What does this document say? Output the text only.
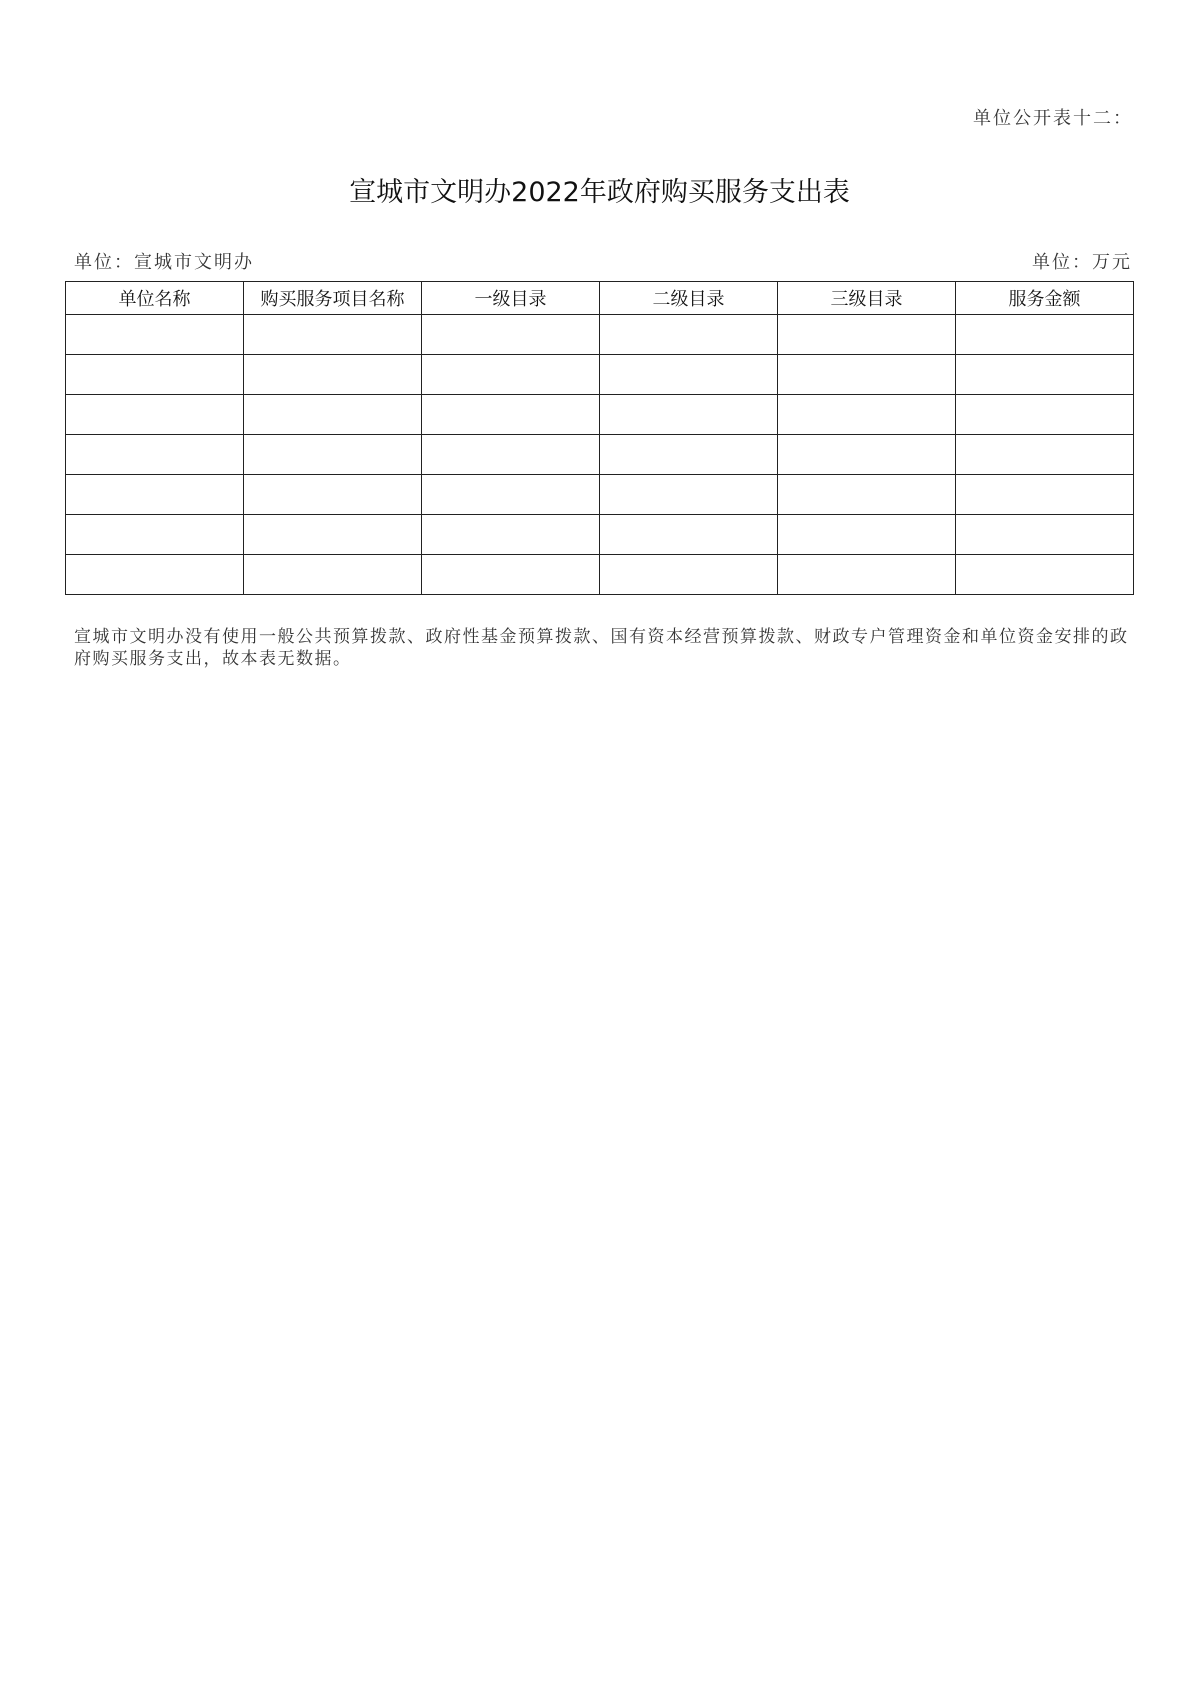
单位公开表十二：
宣城市文明办2022年政府购买服务支出表
单位：宣城市文明办	单位：万元
单位名称	购买服务项目名称	一级目录	二级目录	三级目录	服务金额

宣城市文明办没有使用一般公共预算拨款、政府性基金预算拨款、国有资本经营预算拨款、财政专户管理资金和单位资金安排的政府购买服务支出，故本表无数据。
